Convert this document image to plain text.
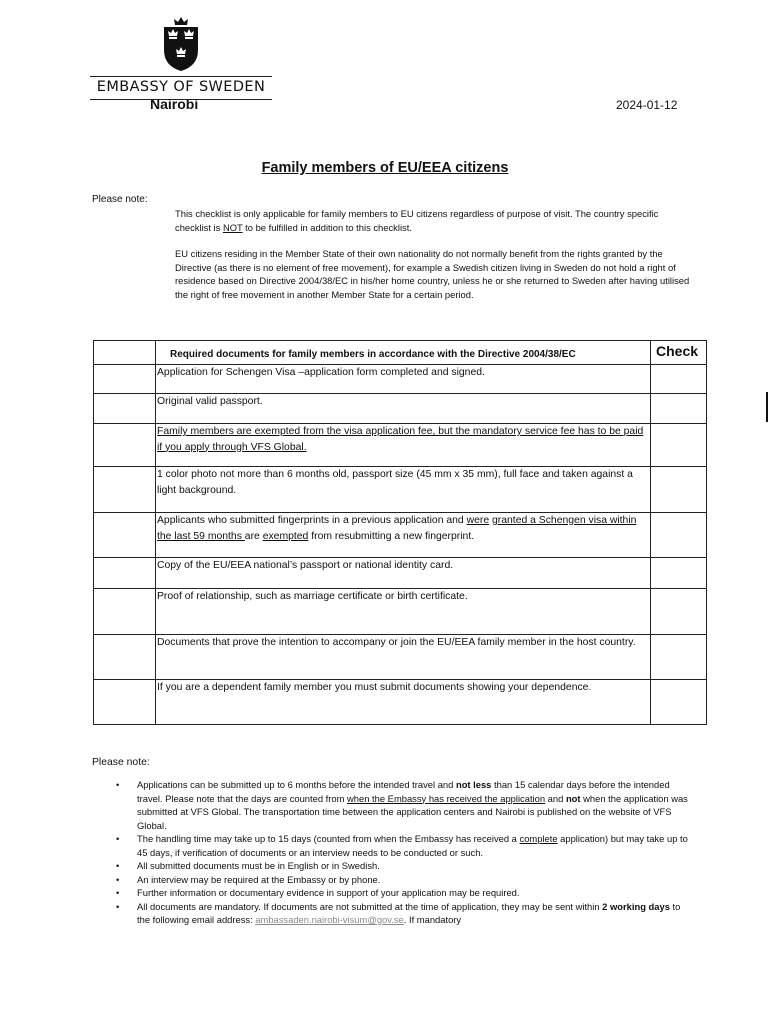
EMBASSY OF SWEDEN
Nairobi	2024-01-12
Family members of EU/EEA citizens
Please note:
This checklist is only applicable for family members to EU citizens regardless of purpose of visit. The country specific checklist is NOT to be fulfilled in addition to this checklist.
EU citizens residing in the Member State of their own nationality do not normally benefit from the rights granted by the Directive (as there is no element of free movement), for example a Swedish citizen living in Sweden do not hold a right of residence based on Directive 2004/38/EC in his/her home country, unless he or she returned to Sweden after having utilised the right of free movement in another Member State for a certain period.
	Required documents for family members in accordance with the Directive 2004/38/EC	Check

	Application for Schengen Visa –application form completed and signed.	
	Original valid passport.	
	Family members are exempted from the visa application fee, but the mandatory service fee has to be paid if you apply through VFS Global.	
	1 color photo not more than 6 months old, passport size (45 mm x 35 mm), full face and taken against a light background.	
	Applicants who submitted fingerprints in a previous application and were granted a Schengen visa within the last 59 months are exempted from resubmitting a new fingerprint.	
	Copy of the EU/EEA national’s passport or national identity card.	
	Proof of relationship, such as marriage certificate or birth certificate.	
	Documents that prove the intention to accompany or join the EU/EEA family member in the host country.	
	If you are a dependent family member you must submit documents showing your dependence.	
Please note:
• Applications can be submitted up to 6 months before the intended travel and not less than 15 calendar days before the intended travel. Please note that the days are counted from when the Embassy has received the application and not when the application was submitted at VFS Global. The transportation time between the application centers and Nairobi is published on the website of VFS Global.
• The handling time may take up to 15 days (counted from when the Embassy has received a complete application) but may take up to 45 days, if verification of documents or an interview needs to be conducted or such.
• All submitted documents must be in English or in Swedish.
• An interview may be required at the Embassy or by phone.
• Further information or documentary evidence in support of your application may be required.
• All documents are mandatory. If documents are not submitted at the time of application, they may be sent within 2 working days to the following email address: ambassaden.nairobi-visum@gov.se. If mandatory
